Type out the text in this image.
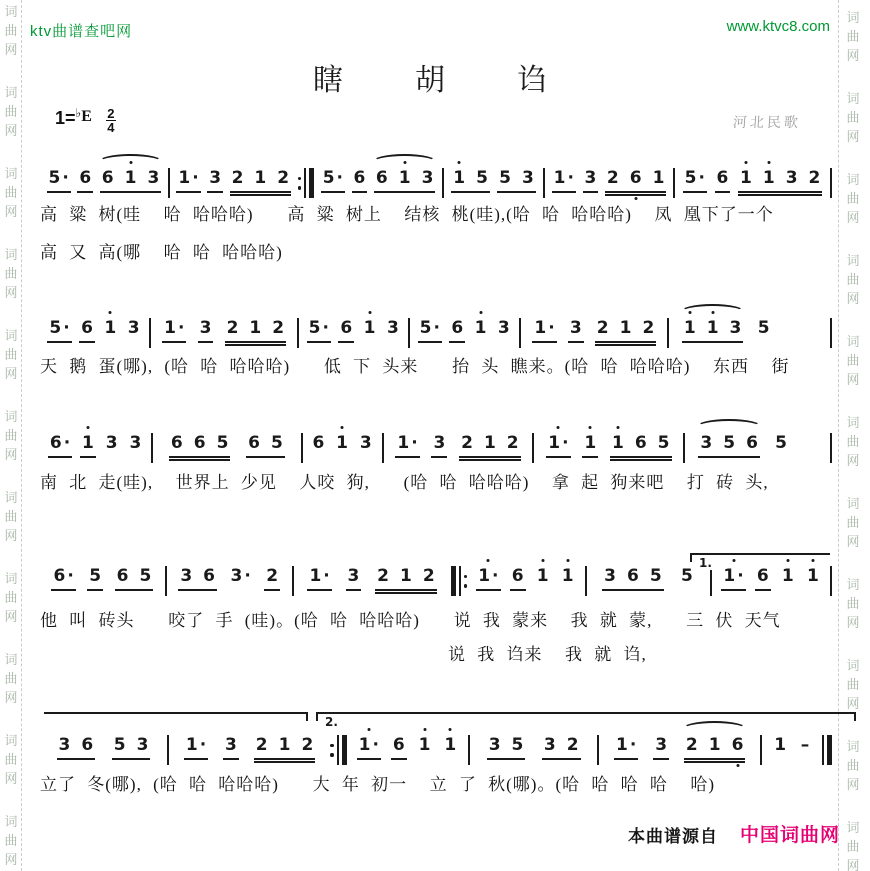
词
曲
网
词
曲
网
词
曲
网
词
曲
网
词
曲
网
词
曲
网
词
曲
网
词
曲
网
词
曲
网
词
曲
网
词
曲
网
词
曲
网
词
曲
网
词
曲
网
词
曲
网
词
曲
网
词
曲
网
词
曲
网
词
曲
网
词
曲
网
词
曲
网
词
曲
网
ktv曲谱查吧网	www.ktvc8.com
瞎胡诌
1= ♭ E 2
4	河北民歌
5 · 6 6 1 3 1 · 3 2 1 2 5 · 6 6 1 3 1 5 5 3 1 · 3 2 6 1 5 · 6 1 1 3 2
高 粱 树(哇  哈 哈哈哈)   高 粱 树上  结核 桃(哇),(哈 哈 哈哈哈)  凤 凰下了一个
高 又 高(哪  哈 哈 哈哈哈)
5 · 6 1 3 1 · 3 2 1 2 5 · 6 1 3 5 · 6 1 3 1 · 3 2 1 2 1 1 3 5
天 鹅 蛋(哪), (哈 哈 哈哈哈)   低 下 头来   抬 头 瞧来。(哈 哈 哈哈哈)  东西  街
6 · 1 3 3 6 6 5 6 5 6 1 3 1 · 3 2 1 2 1 · 1 1 6 5 3 5 6 5
南 北 走(哇),  世界上 少见  人咬 狗,   (哈 哈 哈哈哈)  拿 起 狗来吧  打 砖 头,
6 · 5 6 5 3 6 3 · 2 1 · 3 2 1 2	1 · 6 1 1 3 6 5 5 1 · 6 1 1
他 叫 砖头   咬了 手 (哇)。(哈 哈 哈哈哈)   说 我 蒙来  我 就 蒙,   三 伏 天气
说 我 诌来  我 就 诌,
3 6 5 3 1 · 3 2 1 2	1 · 6 1 1 3 5 3 2 1 · 3 2 1 6 1 –
立了 冬(哪), (哈 哈 哈哈哈)   大 年 初一  立 了 秋(哪)。(哈 哈 哈 哈  哈)
1.
2.
本曲谱源自 中国词曲网
